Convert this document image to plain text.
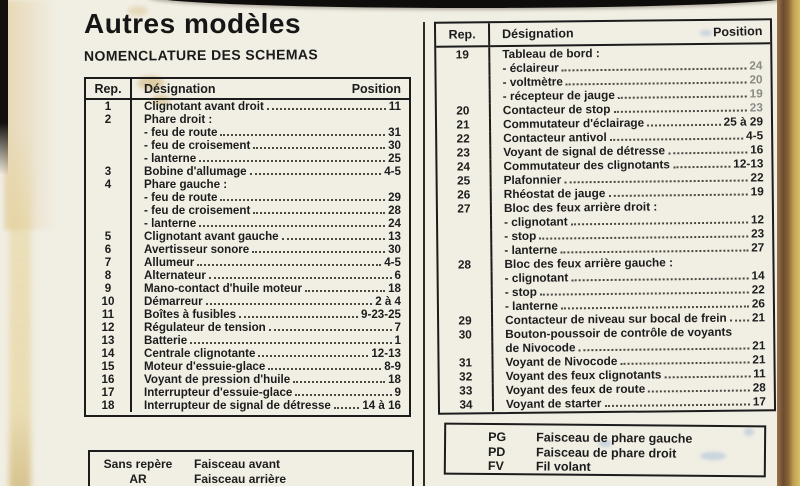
Autres modèles
NOMENCLATURE DES SCHEMAS
Rep.	Désignation	Position
1	Clignotant avant droit	11
2	Phare droit :
- feu de route	31
- feu de croisement	30
- lanterne	25
3	Bobine d'allumage	4-5
4	Phare gauche :
- feu de route	29
- feu de croisement	28
- lanterne	24
5	Clignotant avant gauche	13
6	Avertisseur sonore	30
7	Allumeur	4-5
8	Alternateur	6
9	Mano-contact d'huile moteur	18
10	Démarreur	2 à 4
11	Boîtes à fusibles	9-23-25
12	Régulateur de tension	7
13	Batterie	1
14	Centrale clignotante	12-13
15	Moteur d'essuie-glace	8-9
16	Voyant de pression d'huile	18
17	Interrupteur d'essuie-glace	9
18	Interrupteur de signal de détresse	14 à 16
Rep.	Désignation	Position
19	Tableau de bord :
- éclaireur	24
- voltmètre	20
- récepteur de jauge	19
20	Contacteur de stop	23
21	Commutateur d'éclairage	25 à 29
22	Contacteur antivol	4-5
23	Voyant de signal de détresse	16
24	Commutateur des clignotants	12-13
25	Plafonnier	22
26	Rhéostat de jauge	19
27	Bloc des feux arrière droit :
- clignotant	12
- stop	23
- lanterne	27
28	Bloc des feux arrière gauche :
- clignotant	14
- stop	22
- lanterne	26
29	Contacteur de niveau sur bocal de frein 21
30	Bouton-poussoir de contrôle de voyants
de Nivocode	21
31	Voyant de Nivocode	21
32	Voyant des feux clignotants	11
33	Voyant des feux de route	28
34	Voyant de starter	17
Sans repère	Faisceau avant
AR	Faisceau arrière
PG	Faisceau de phare gauche
PD	Faisceau de phare droit
FV	Fil volant
